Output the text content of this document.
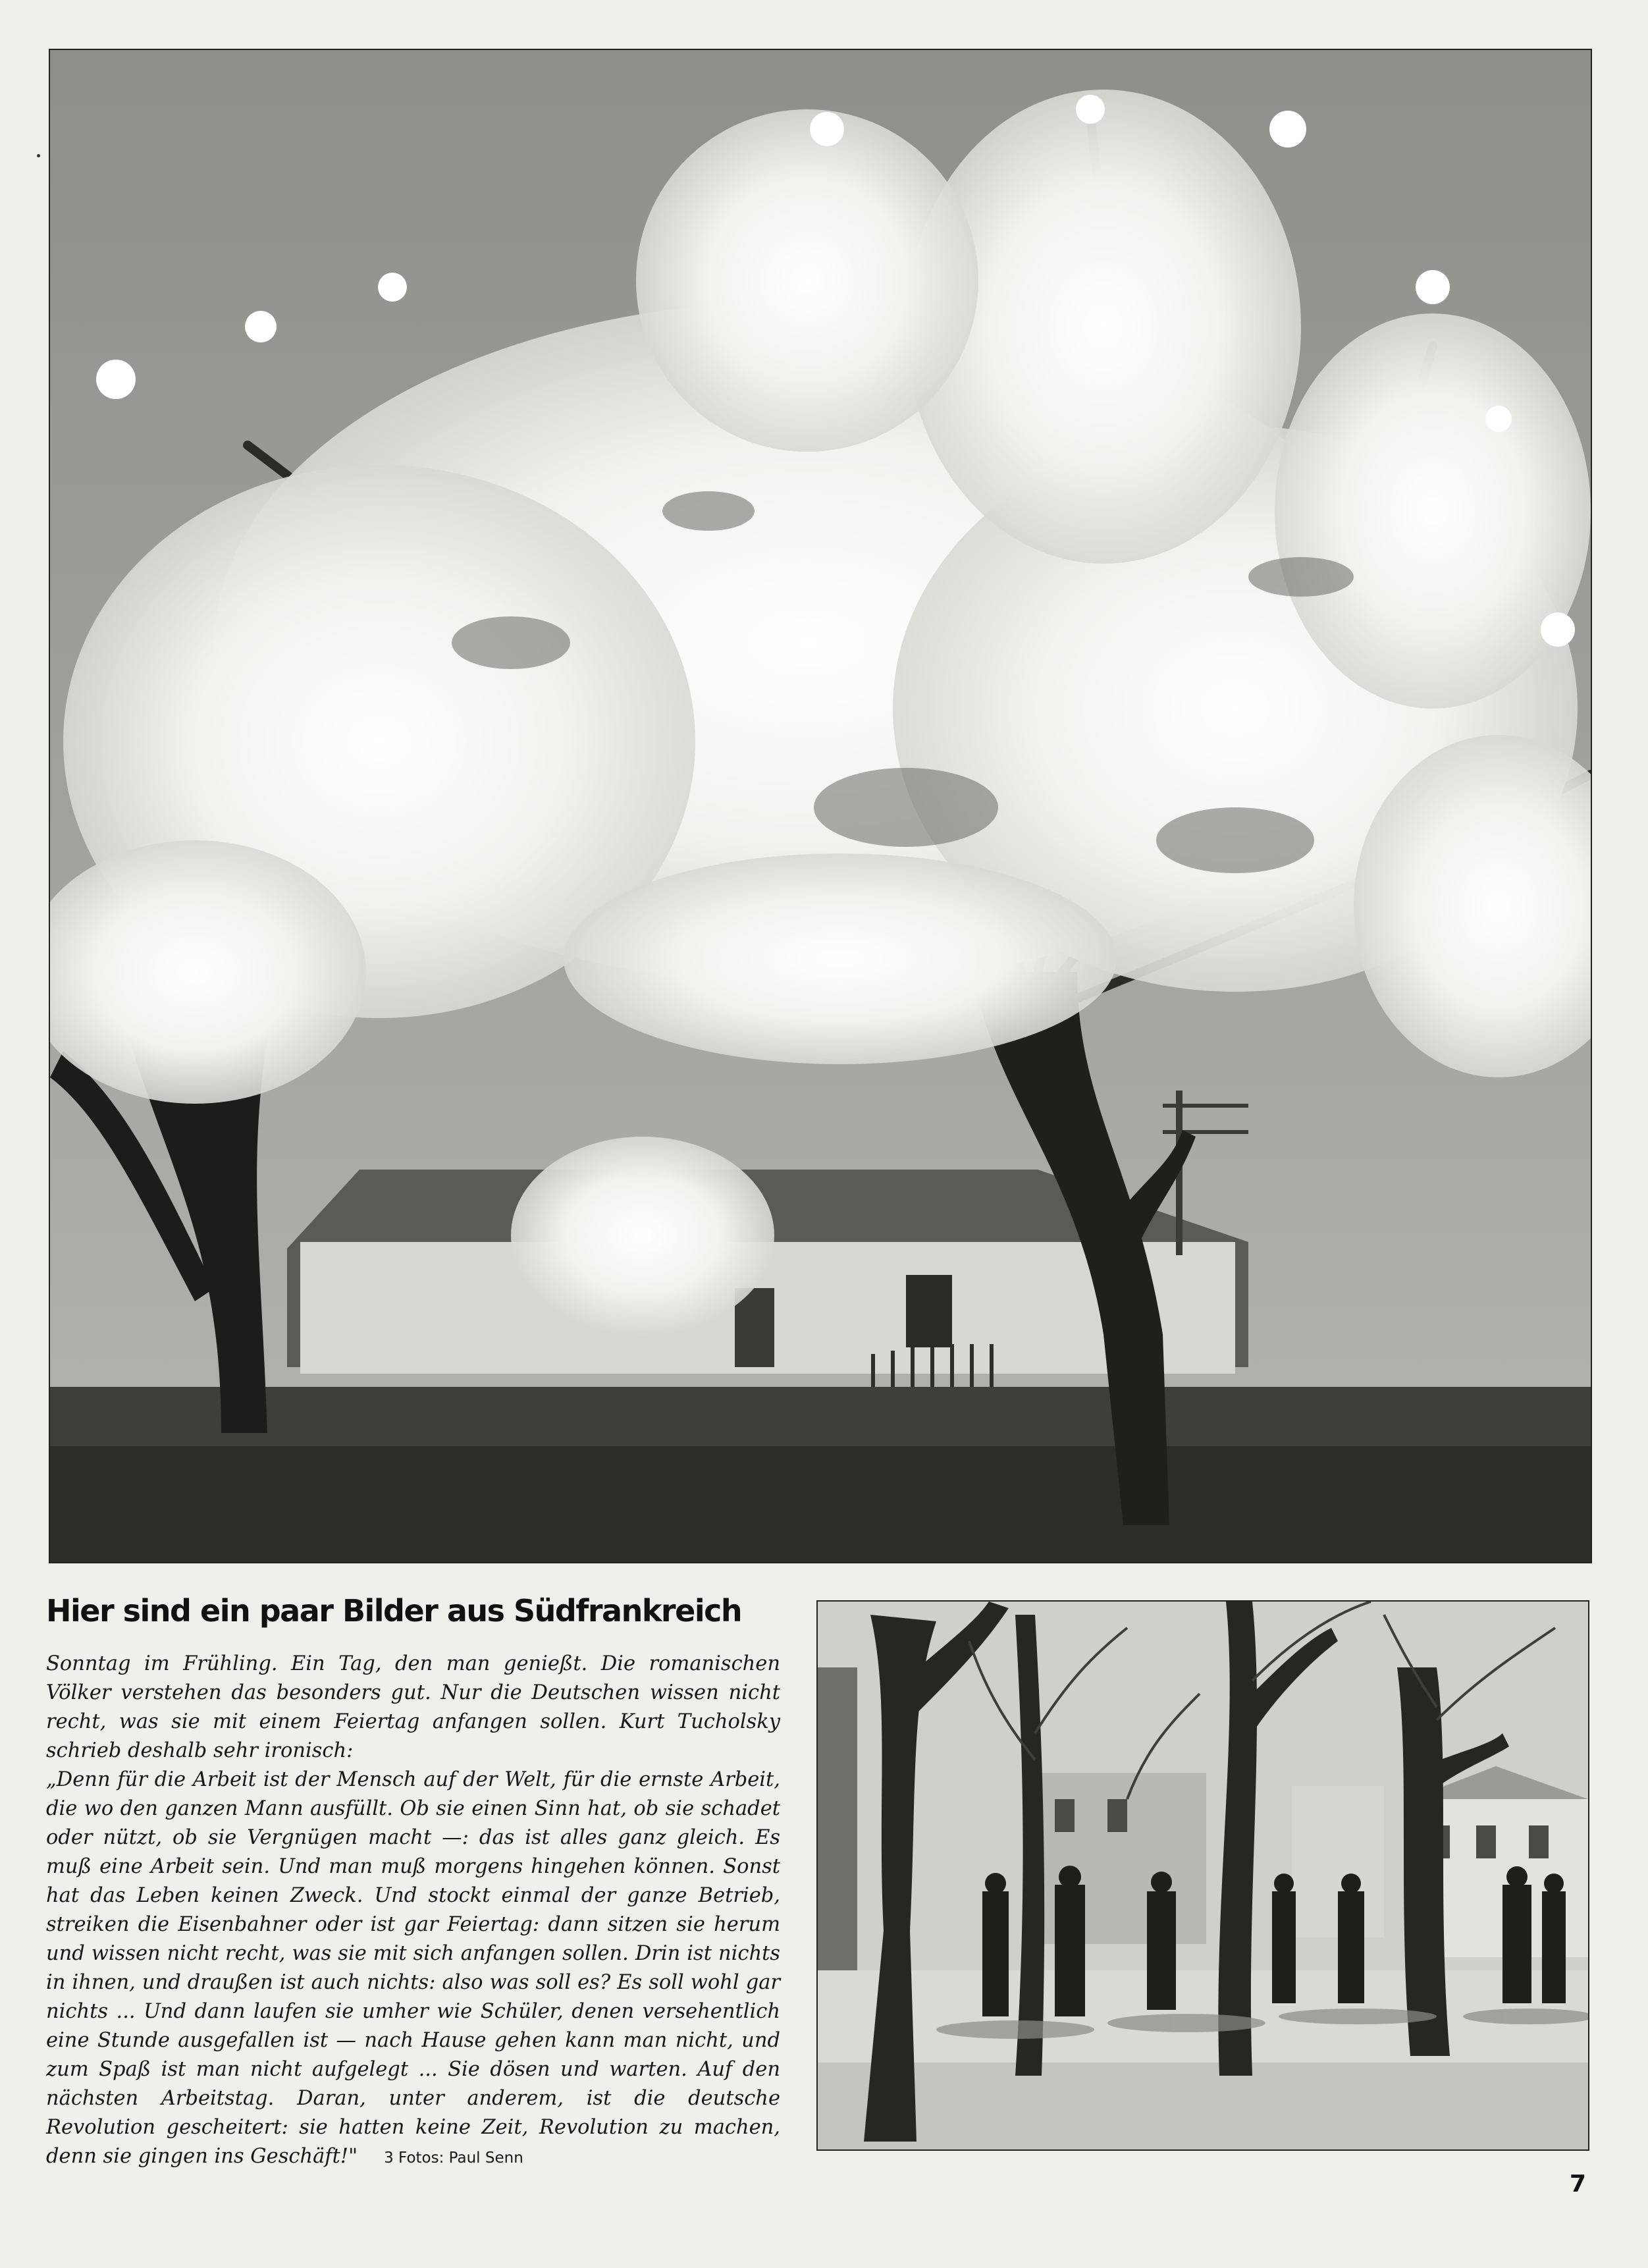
Hier sind ein paar Bilder aus Südfrankreich

Sonntag im Frühling. Ein Tag, den man genießt. Die romanischen Völker verstehen das besonders gut. Nur die Deutschen wissen nicht recht, was sie mit einem Feiertag anfangen sollen. Kurt Tucholsky schrieb deshalb sehr ironisch:

„Denn für die Arbeit ist der Mensch auf der Welt, für die ernste Arbeit, die wo den ganzen Mann ausfüllt. Ob sie einen Sinn hat, ob sie schadet oder nützt, ob sie Vergnügen macht —: das ist alles ganz gleich. Es muß eine Arbeit sein. Und man muß morgens hingehen können. Sonst hat das Leben keinen Zweck. Und stockt einmal der ganze Betrieb, streiken die Eisenbahner oder ist gar Feiertag: dann sitzen sie herum und wissen nicht recht, was sie mit sich anfangen sollen. Drin ist nichts in ihnen, und draußen ist auch nichts: also was soll es? Es soll wohl gar nichts ... Und dann laufen sie umher wie Schüler, denen versehentlich eine Stunde ausgefallen ist — nach Hause gehen kann man nicht, und zum Spaß ist man nicht aufgelegt ... Sie dösen und warten. Auf den nächsten Arbeitstag. Daran, unter anderem, ist die deutsche Revolution gescheitert: sie hatten keine Zeit, Revolution zu machen, denn sie gingen ins Geschäft!" 3 Fotos: Paul Senn

7
